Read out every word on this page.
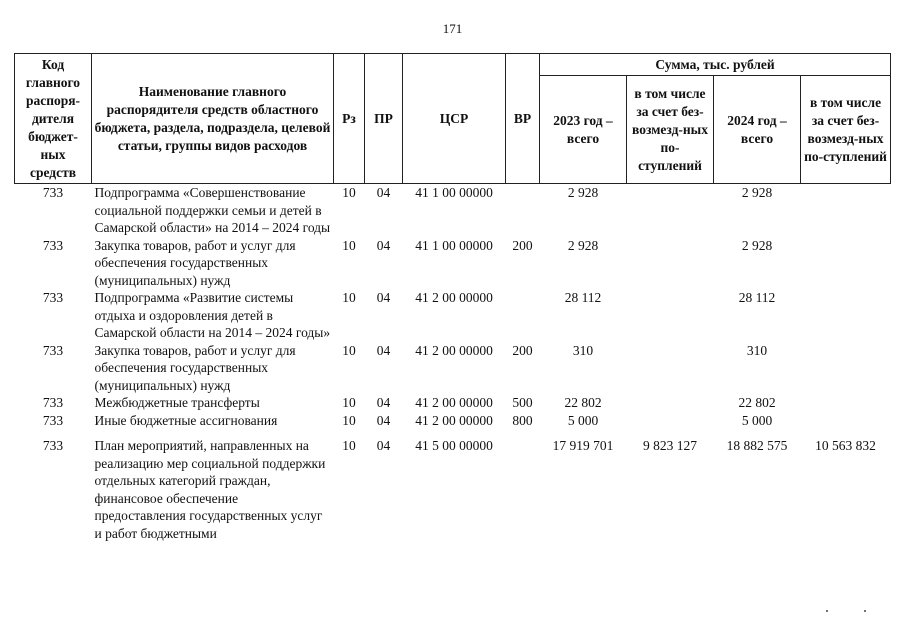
171
Код главного распоря-дителя бюджет-ных средств	Наименование главного распорядителя средств областного бюджета, раздела, подраздела, целевой статьи, группы видов расходов	Рз	ПР	ЦСР	ВР	Сумма, тыс. рублей			
						2023 год – всего	в том числе за счет без-возмезд-ных по-ступлений	2024 год – всего	в том числе за счет без-возмезд-ных по-ступлений
733	Подпрограмма «Совершенствование социальной поддержки семьи и детей в Самарской области» на 2014 – 2024 годы	10	04	41 1 00 00000		2 928		2 928	
733	Закупка товаров, работ и услуг для обеспечения государственных (муниципальных) нужд	10	04	41 1 00 00000	200	2 928		2 928	
733	Подпрограмма «Развитие системы отдыха и оздоровления детей в Самарской области на 2014 – 2024 годы»	10	04	41 2 00 00000		28 112		28 112	
733	Закупка товаров, работ и услуг для обеспечения государственных (муниципальных) нужд	10	04	41 2 00 00000	200	310		310	
733	Межбюджетные трансферты	10	04	41 2 00 00000	500	22 802		22 802	
733	Иные бюджетные ассигнования	10	04	41 2 00 00000	800	5 000		5 000	

733	План мероприятий, направленных на реализацию мер социальной поддержки отдельных категорий граждан, финансовое обеспечение предоставления государственных услуг и работ бюджетными	10	04	41 5 00 00000		17 919 701	9 823 127	18 882 575	10 563 832
